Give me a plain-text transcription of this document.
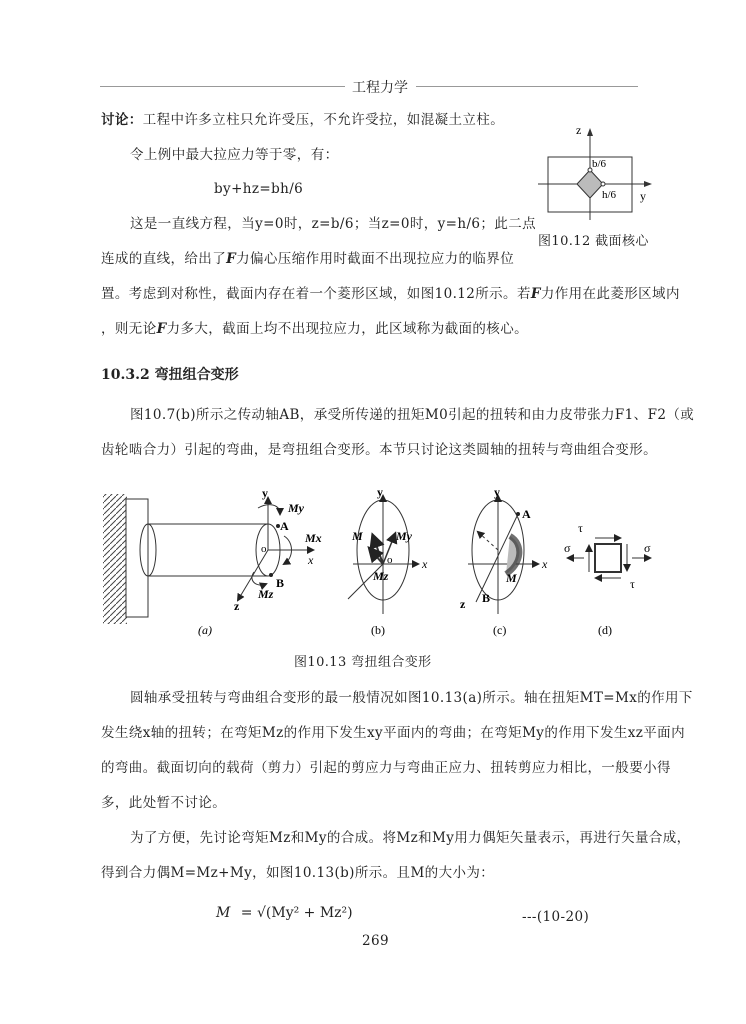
工程力学
讨论：工程中许多立柱只允许受压，不允许受拉，如混凝土立柱。
令上例中最大拉应力等于零，有：
by+hz=bh/6
这是一直线方程，当y=0时，z=b/6；当z=0时，y=h/6；此二点
连成的直线，给出了F力偏心压缩作用时截面不出现拉应力的临界位
置。考虑到对称性，截面内存在着一个菱形区域，如图10.12所示。若F力作用在此菱形区域内
，则无论F力多大，截面上均不出现拉应力，此区域称为截面的核心。
z
y
b/6
h/6
图10.12 截面核心
10.3.2 弯扭组合变形
图10.7(b)所示之传动轴AB，承受所传递的扭矩M0引起的扭转和由力皮带张力F1、F2（或
齿轮啮合力）引起的弯曲，是弯扭组合变形。本节只讨论这类圆轴的扭转与弯曲组合变形。
y
My
A
Mx
o
x
B
Mz
z
(a)
y
M	My
o x
Mz
(b)
y
A
x
M
B
z
(c)
τ
σ	σ
τ
(d)
图10.13 弯扭组合变形
圆轴承受扭转与弯曲组合变形的最一般情况如图10.13(a)所示。轴在扭矩MT=Mx的作用下
发生绕x轴的扭转；在弯矩Mz的作用下发生xy平面内的弯曲；在弯矩My的作用下发生xz平面内
的弯曲。截面切向的载荷（剪力）引起的剪应力与弯曲正应力、扭转剪应力相比，一般要小得
多，此处暂不讨论。
为了方便，先讨论弯矩Mz和My的合成。将Mz和My用力偶矩矢量表示，再进行矢量合成，
得到合力偶M=Mz+My，如图10.13(b)所示。且M的大小为：
M = √(My² + Mz²)	---(10-20)
269
